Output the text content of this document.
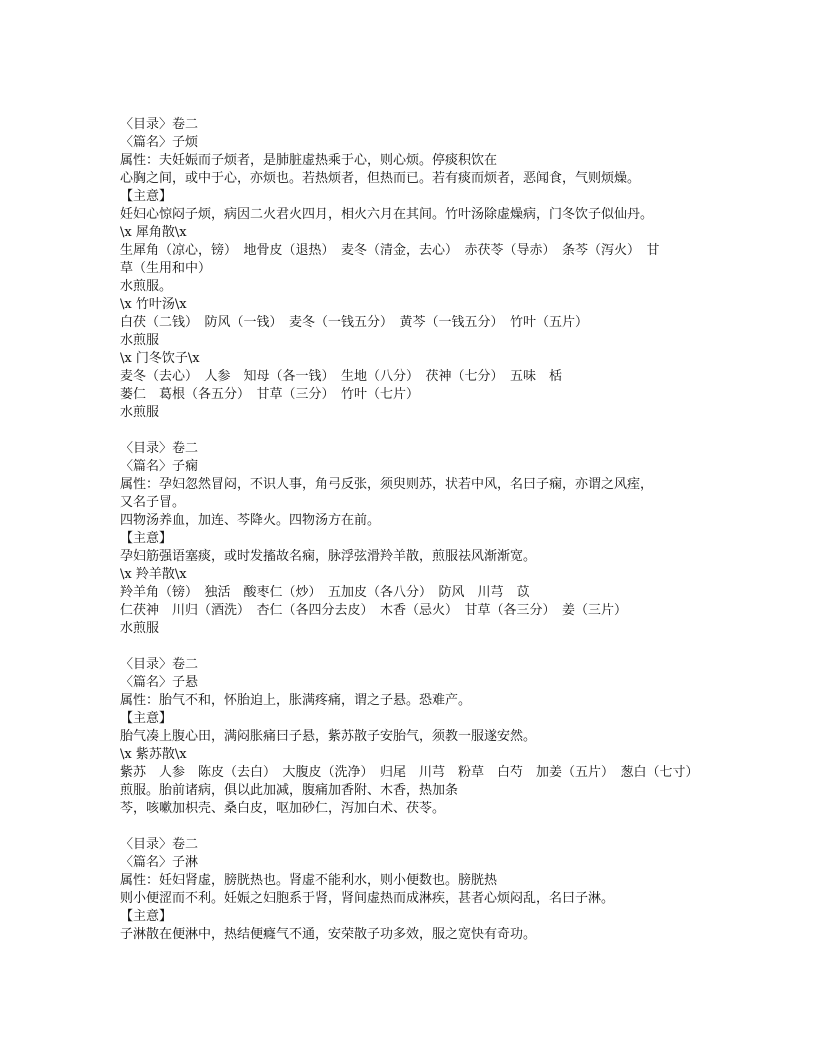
〈目录〉卷二
〈篇名〉子烦
属性：夫妊娠而子烦者，是肺脏虚热乘于心，则心烦。停痰积饮在
心胸之间，或中于心，亦烦也。若热烦者，但热而已。若有痰而烦者，恶闻食，气则烦燥。
【主意】
妊妇心惊闷子烦，病因二火君火四月，相火六月在其间。竹叶汤除虚燥病，门冬饮子似仙丹。
\x 犀角散\x
生犀角（凉心，镑）　地骨皮（退热）　麦冬（清金，去心）　赤茯苓（导赤）　条芩（泻火）　甘
草（生用和中）
水煎服。
\x 竹叶汤\x
白茯（二钱）　防风（一钱）　麦冬（一钱五分）　黄芩（一钱五分）　竹叶（五片）
水煎服
\x 门冬饮子\x
麦冬（去心）　人参　知母（各一钱）　生地（八分）　茯神（七分）　五味　栝
蒌仁　葛根（各五分）　甘草（三分）　竹叶（七片）
水煎服
〈目录〉卷二
〈篇名〉子痫
属性：孕妇忽然冒闷，不识人事，角弓反张，须臾则苏，状若中风，名曰子痫，亦谓之风痓，
又名子冒。
四物汤养血，加连、芩降火。四物汤方在前。
【主意】
孕妇筋强语塞痰，或时发搐故名痫，脉浮弦滑羚羊散，煎服祛风渐渐宽。
\x 羚羊散\x
羚羊角（镑）　独活　酸枣仁（炒）　五加皮（各八分）　防风　川芎　苡
仁茯神　川归（酒洗）　杏仁（各四分去皮）　木香（忌火）　甘草（各三分）　姜（三片）
水煎服
〈目录〉卷二
〈篇名〉子悬
属性：胎气不和，怀胎迫上，胀满疼痛，谓之子悬。恐难产。
【主意】
胎气凑上腹心田，满闷胀痛曰子悬，紫苏散子安胎气，须教一服遂安然。
\x 紫苏散\x
紫苏　人参　陈皮（去白）　大腹皮（洗净）　归尾　川芎　粉草　白芍　加姜（五片）　葱白（七寸）
煎服。胎前诸病，俱以此加减，腹痛加香附、木香，热加条
芩，咳嗽加枳壳、桑白皮，呕加砂仁，泻加白术、茯苓。
〈目录〉卷二
〈篇名〉子淋
属性：妊妇肾虚，膀胱热也。肾虚不能利水，则小便数也。膀胱热
则小便涩而不利。妊娠之妇胞系于肾，肾间虚热而成淋疾，甚者心烦闷乱，名曰子淋。
【主意】
子淋散在便淋中，热结便癃气不通，安荣散子功多效，服之宽快有奇功。
